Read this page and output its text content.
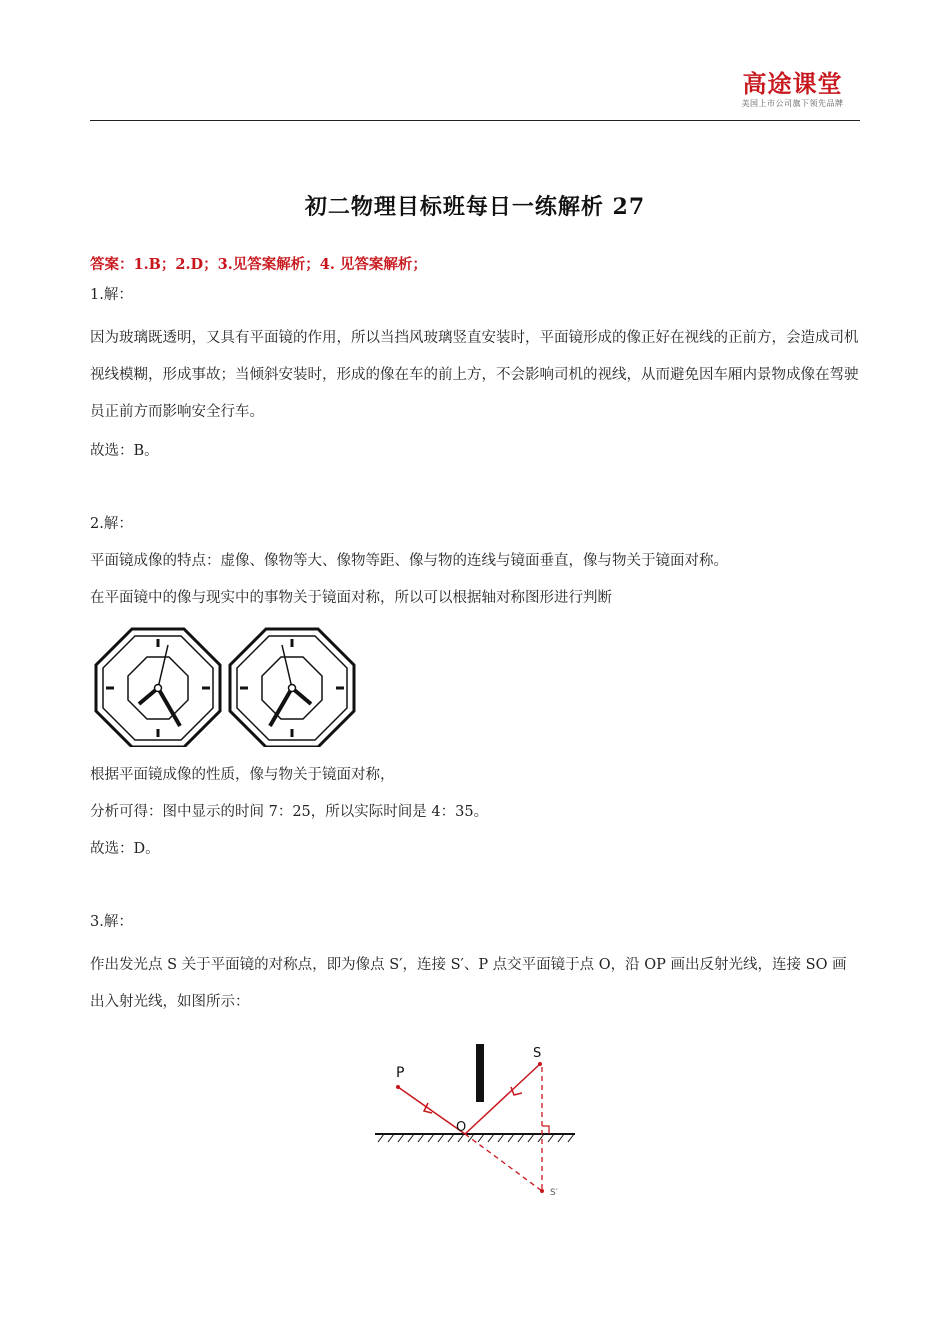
高途课堂
美国上市公司旗下领先品牌
初二物理目标班每日一练解析 27
答案：1.B；2.D；3.见答案解析；4. 见答案解析；
1.解：
因为玻璃既透明，又具有平面镜的作用，所以当挡风玻璃竖直安装时，平面镜形成的像正好在视线的正前方，会造成司机视线模糊，形成事故；当倾斜安装时，形成的像在车的前上方，不会影响司机的视线，从而避免因车厢内景物成像在驾驶员正前方而影响安全行车。
故选：B。
2.解：
平面镜成像的特点：虚像、像物等大、像物等距、像与物的连线与镜面垂直，像与物关于镜面对称。
在平面镜中的像与现实中的事物关于镜面对称，所以可以根据轴对称图形进行判断
根据平面镜成像的性质，像与物关于镜面对称，
分析可得：图中显示的时间 7：25，所以实际时间是 4：35。
故选：D。
3.解：
作出发光点 S 关于平面镜的对称点，即为像点 S′，连接 S′、P 点交平面镜于点 O，沿 OP 画出反射光线，连接 SO 画出入射光线，如图所示：
P
S
O
S′
